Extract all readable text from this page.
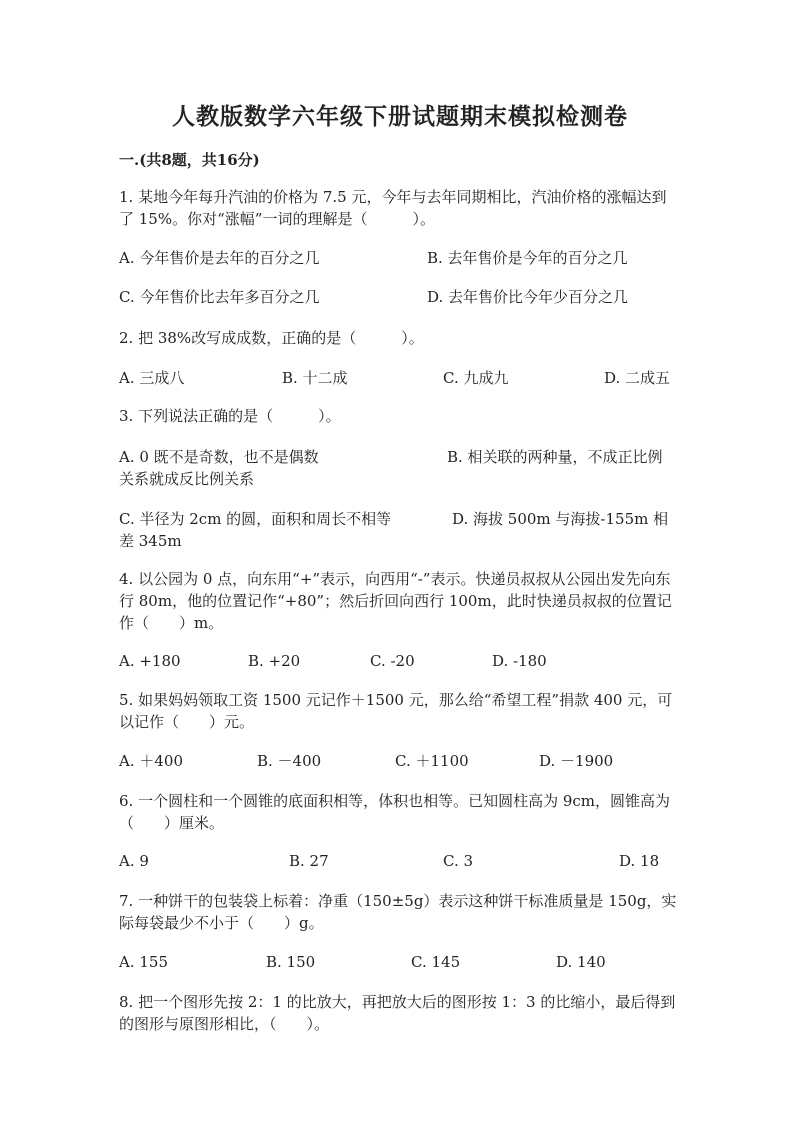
人教版数学六年级下册试题期末模拟检测卷
一.(共8题，共16分)
1. 某地今年每升汽油的价格为 7.5 元，今年与去年同期相比，汽油价格的涨幅达到了 15%。你对“涨幅”一词的理解是（　　　）。
A. 今年售价是去年的百分之几	B. 去年售价是今年的百分之几
C. 今年售价比去年多百分之几	D. 去年售价比今年少百分之几
2. 把 38%改写成成数，正确的是（　　　）。
A. 三成八	B. 十二成	C. 九成九	D. 二成五
3. 下列说法正确的是（　　　）。
A. 0 既不是奇数，也不是偶数	B. 相关联的两种量，不成正比例关系就成反比例关系
C. 半径为 2cm 的圆，面积和周长不相等	D. 海拔 500m 与海拔-155m 相差 345m
4. 以公园为 0 点，向东用“+”表示，向西用“-”表示。快递员叔叔从公园出发先向东行 80m，他的位置记作“+80”；然后折回向西行 100m，此时快递员叔叔的位置记作（　　）m。
A. +180	B. +20	C. -20	D. -180
5. 如果妈妈领取工资 1500 元记作＋1500 元，那么给“希望工程”捐款 400 元，可以记作（　　）元。
A. ＋400	B. －400	C. ＋1100	D. －1900
6. 一个圆柱和一个圆锥的底面积相等，体积也相等。已知圆柱高为 9cm，圆锥高为（　　）厘米。
A. 9	B. 27	C. 3	D. 18
7. 一种饼干的包装袋上标着：净重（150±5g）表示这种饼干标准质量是 150g，实际每袋最少不小于（　　）g。
A. 155	B. 150	C. 145	D. 140
8. 把一个图形先按 2：1 的比放大，再把放大后的图形按 1：3 的比缩小，最后得到的图形与原图形相比，（　　）。
